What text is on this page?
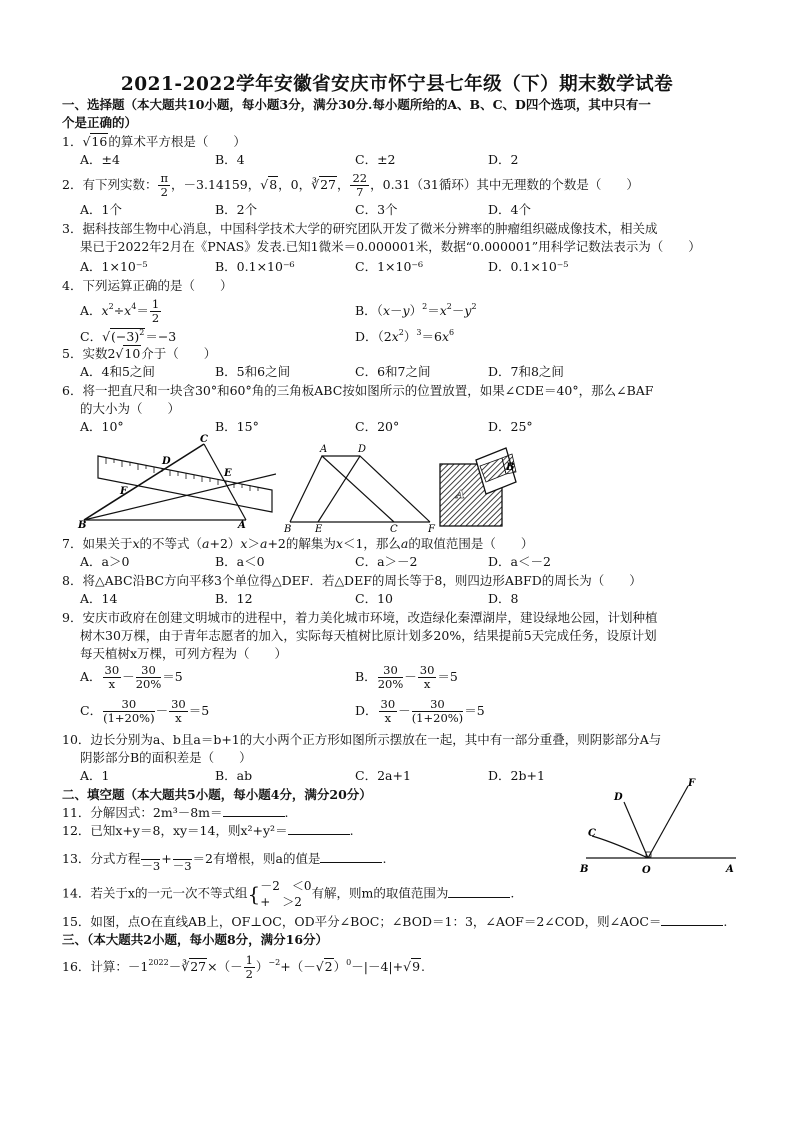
2021-2022学年安徽省安庆市怀宁县七年级（下）期末数学试卷
一、选择题（本大题共10小题，每小题3分，满分30分.每小题所给的A、B、C、D四个选项，其中只有一
个是正确的）
1．√16的算术平方根是（　　）
A．±4	B．4	C．±2	D．2
2．有下列实数： $\frac{\pi}{2}$ ，－3.14159，√8，0，∛27， $\frac{22}{7}$ ，0.31（31循环）其中无理数的个数是（　　）
A．1个	B．2个	C．3个	D．4个
3．据科技部生物中心消息，中国科学技术大学的研究团队开发了微米分辨率的肿瘤组织磁成像技术，相关成
果已于2022年2月在《PNAS》发表.已知1微米＝0.000001米，数据“0.000001”用科学记数法表示为（　　）
A．1×10⁻⁵	B．0.1×10⁻⁶	C．1×10⁻⁶	D．0.1×10⁻⁵
4．下列运算正确的是（　　）
A．$x^2\div x^4= \frac{1}{2}$	B．$(x-y)^2=x^2-y^2$
C．$√(-3)^2=-3$	D．$(2x^2)^3=6x^6$
5．实数2√10介于（　　）
A．4和5之间	B．5和6之间	C．6和7之间	D．7和8之间
6．将一把直尺和一块含30°和60°角的三角板ABC按如图所示的位置放置，如果∠CDE＝40°，那么∠BAF
的大小为（　　）
A．10°	B．15°	C．20°	D．25°
C
D
E
F
B	A
A	D
B E	C	F
B
A
7．如果关于x的不等式（a+2）x＞a+2的解集为x＜1，那么a的取值范围是（　　）
A．a＞0	B．a＜0	C．a＞－2	D．a＜－2
8．将△ABC沿BC方向平移3个单位得△DEF．若△DEF的周长等于8，则四边形ABFD的周长为（　　）
A．14	B．12	C．10	D．8
9．安庆市政府在创建文明城市的进程中，着力美化城市环境，改造绿化秦潭湖岸，建设绿地公园，计划种植
树木30万棵，由于青年志愿者的加入，实际每天植树比原计划多20%，结果提前5天完成任务，设原计划
每天植树x万棵，可列方程为（　　）
A． $\frac{30}{x} - \frac{30}{20\%} =5$	B． $\frac{30}{20\%} - \frac{30}{x} =5$
C． $\frac{30}{(1+20\%)} - \frac{30}{x} =5$	D． $\frac{30}{x} - \frac{30}{(1+20\%)} =5$
10．边长分别为a、b且a＝b+1的大小两个正方形如图所示摆放在一起，其中有一部分重叠，则阴影部分A与
阴影部分B的面积差是（　　）
A．1	B．ab	C．2a+1	D．2b+1
二、填空题（本大题共5小题，每小题4分，满分20分）
11．分解因式：2m³－8m＝	.
12．已知x+y＝8，xy＝14，则x²+y²＝	.
13．分式方程
－3 +
－3 ＝2有增根，则a的值是	.
14．若关于x的一元一次不等式组{ －2　＜0
+　＞2
有解，则m的取值范围为	.
15．如图，点O在直线AB上，OF⊥OC，OD平分∠BOC；∠BOD＝1：3，∠AOF＝2∠COD，则∠AOC＝	.
D
F
C
B	O	A
三、（本大题共2小题，每小题8分，满分16分）
16．计算：$-1^{2022}-∛27\times(- \frac{1}{2} )^{-2}+(-√2)^0-|-4|+√9$.
